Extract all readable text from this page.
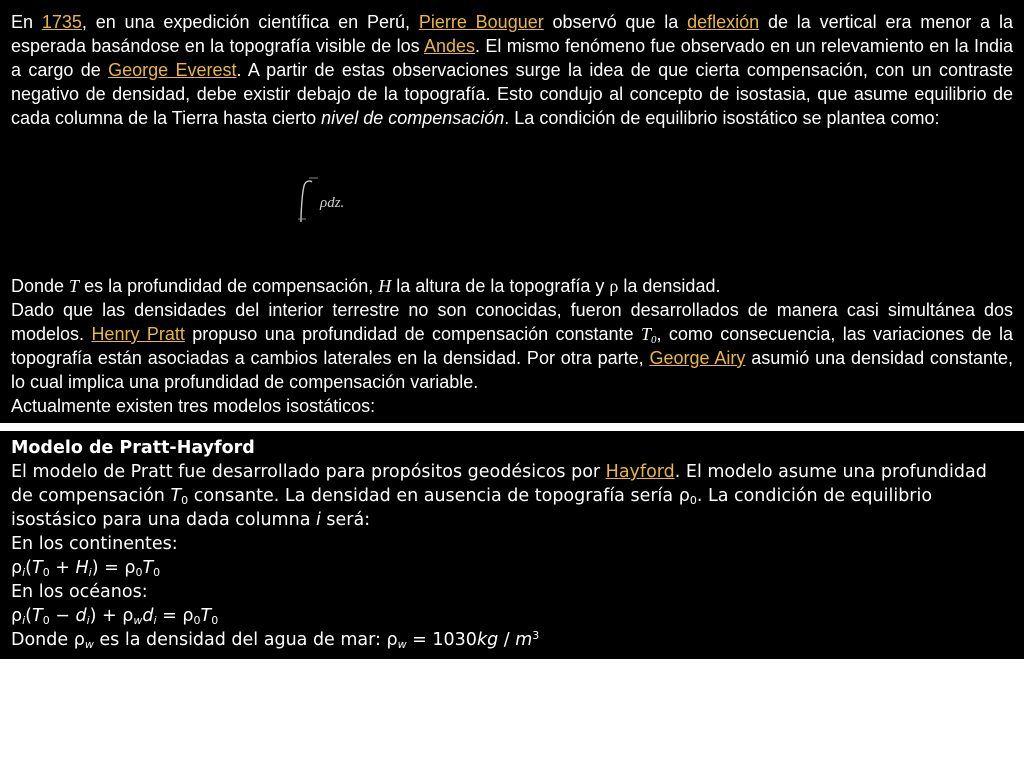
En 1735, en una expedición científica en Perú, Pierre Bouguer observó que la deflexión de la vertical era menor a la esperada basándose en la topografía visible de los Andes. El mismo fenómeno fue observado en un relevamiento en la India a cargo de George Everest. A partir de estas observaciones surge la idea de que cierta compensación, con un contraste negativo de densidad, debe existir debajo de la topografía. Esto condujo al concepto de isostasia, que asume equilibrio de cada columna de la Tierra hasta cierto nivel de compensación. La condición de equilibrio isostático se plantea como:

ρdz.

Donde T es la profundidad de compensación, H la altura de la topografía y ρ la densidad.
Dado que las densidades del interior terrestre no son conocidas, fueron desarrollados de manera casi simultánea dos modelos. Henry Pratt propuso una profundidad de compensación constante $T_0$, como consecuencia, las variaciones de la topografía están asociadas a cambios laterales en la densidad. Por otra parte, George Airy asumió una densidad constante, lo cual implica una profundidad de compensación variable.
Actualmente existen tres modelos isostáticos:

Modelo de Pratt-Hayford

El modelo de Pratt fue desarrollado para propósitos geodésicos por Hayford. El modelo asume una profundidad

de compensación $T_0$ consante. La densidad en ausencia de topografía sería $\rho_0$. La condición de equilibrio

isostásico para una dada columna i será:

En los continentes:

$\rho_i(T_0 + H_i) = \rho_0T_0$

En los océanos:

$\rho_i(T_0 - d_i) + \rho_wd_i = \rho_0T_0$

Donde $\rho_w$ es la densidad del agua de mar: $\rho_w = 1030kg / m^3$
